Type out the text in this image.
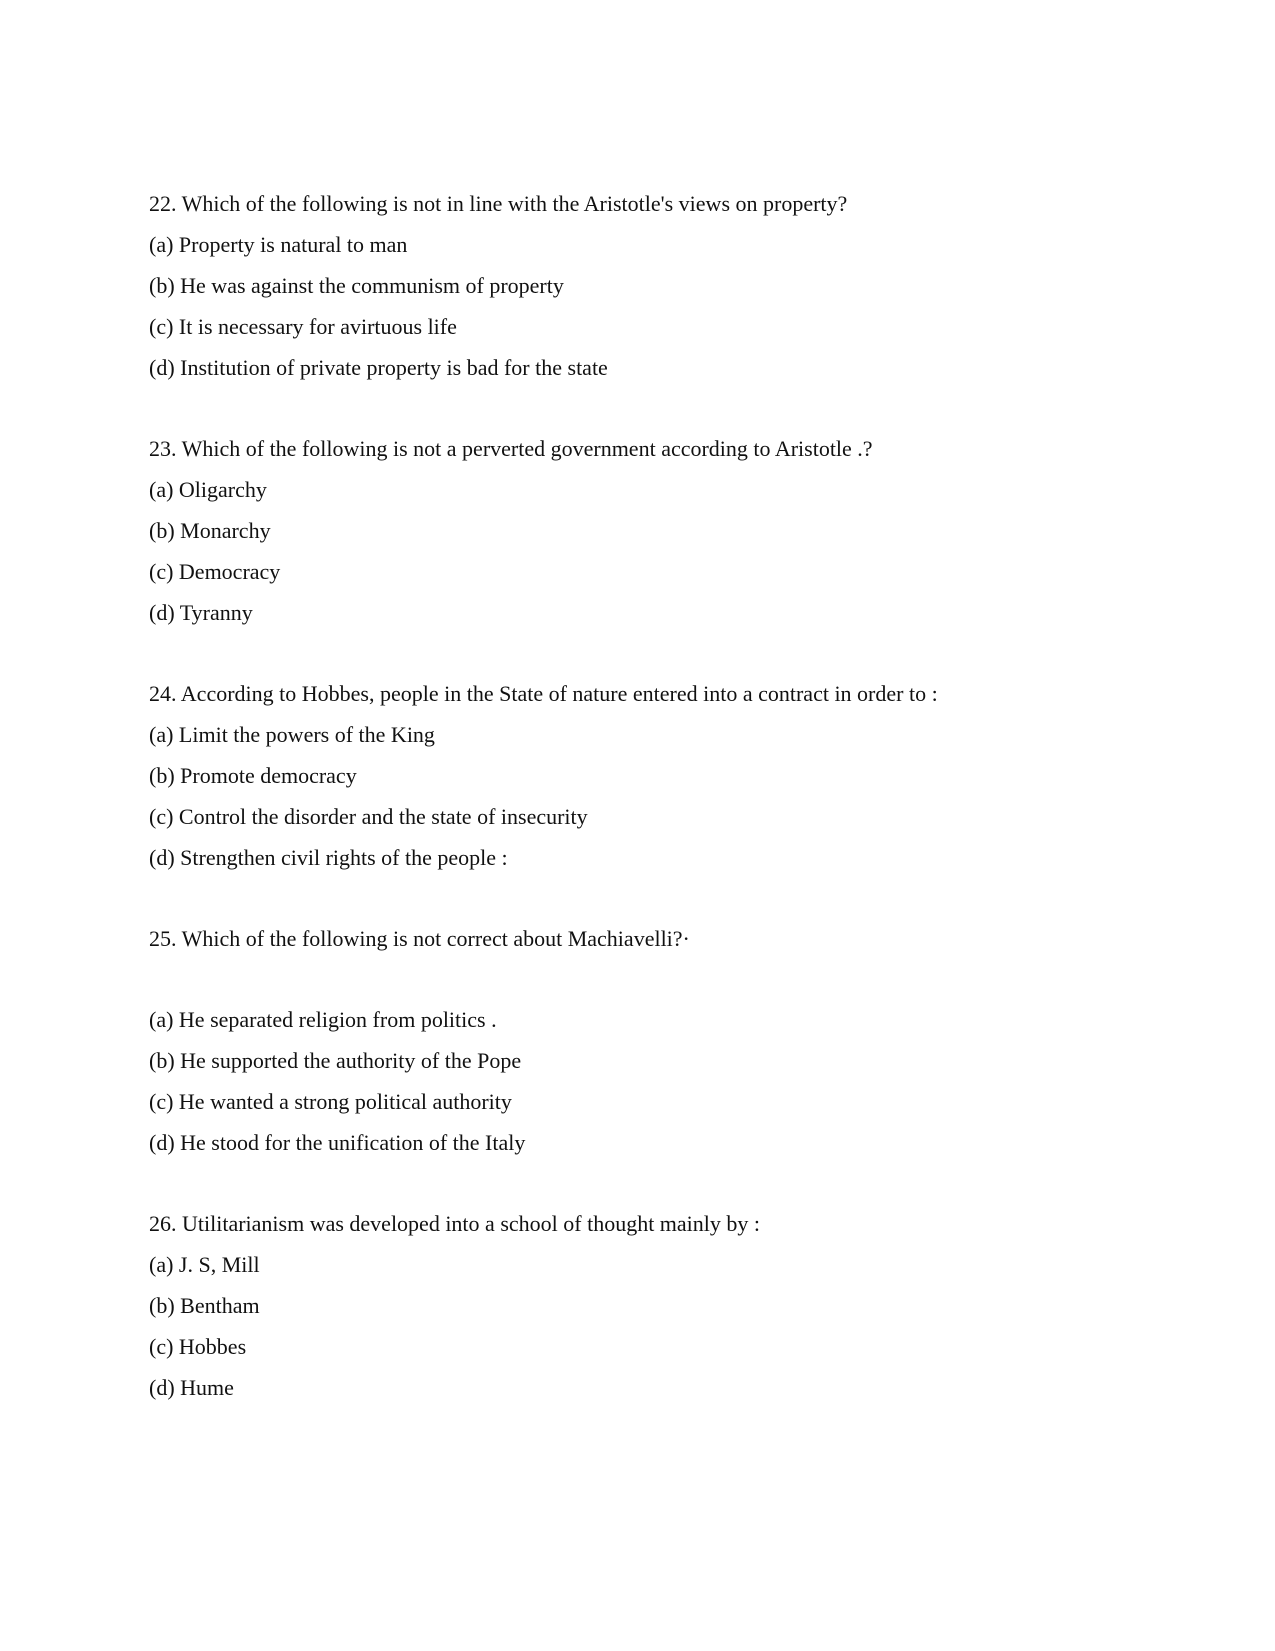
22. Which of the following is not in line with the Aristotle's views on property?
(a) Property is natural to man
(b) He was against the communism of property
(c) It is necessary for avirtuous life
(d) Institution of private property is bad for the state
23. Which of the following is not a perverted government according to Aristotle .?
(a) Oligarchy
(b) Monarchy
(c) Democracy
(d) Tyranny
24. According to Hobbes, people in the State of nature entered into a contract in order to :
(a) Limit the powers of the King
(b) Promote democracy
(c) Control the disorder and the state of insecurity
(d) Strengthen civil rights of the people :
25. Which of the following is not correct about Machiavelli?·
(a) He separated religion from politics .
(b) He supported the authority of the Pope
(c) He wanted a strong political authority
(d) He stood for the unification of the Italy
26. Utilitarianism was developed into a school of thought mainly by :
(a) J. S, Mill
(b) Bentham
(c) Hobbes
(d) Hume
